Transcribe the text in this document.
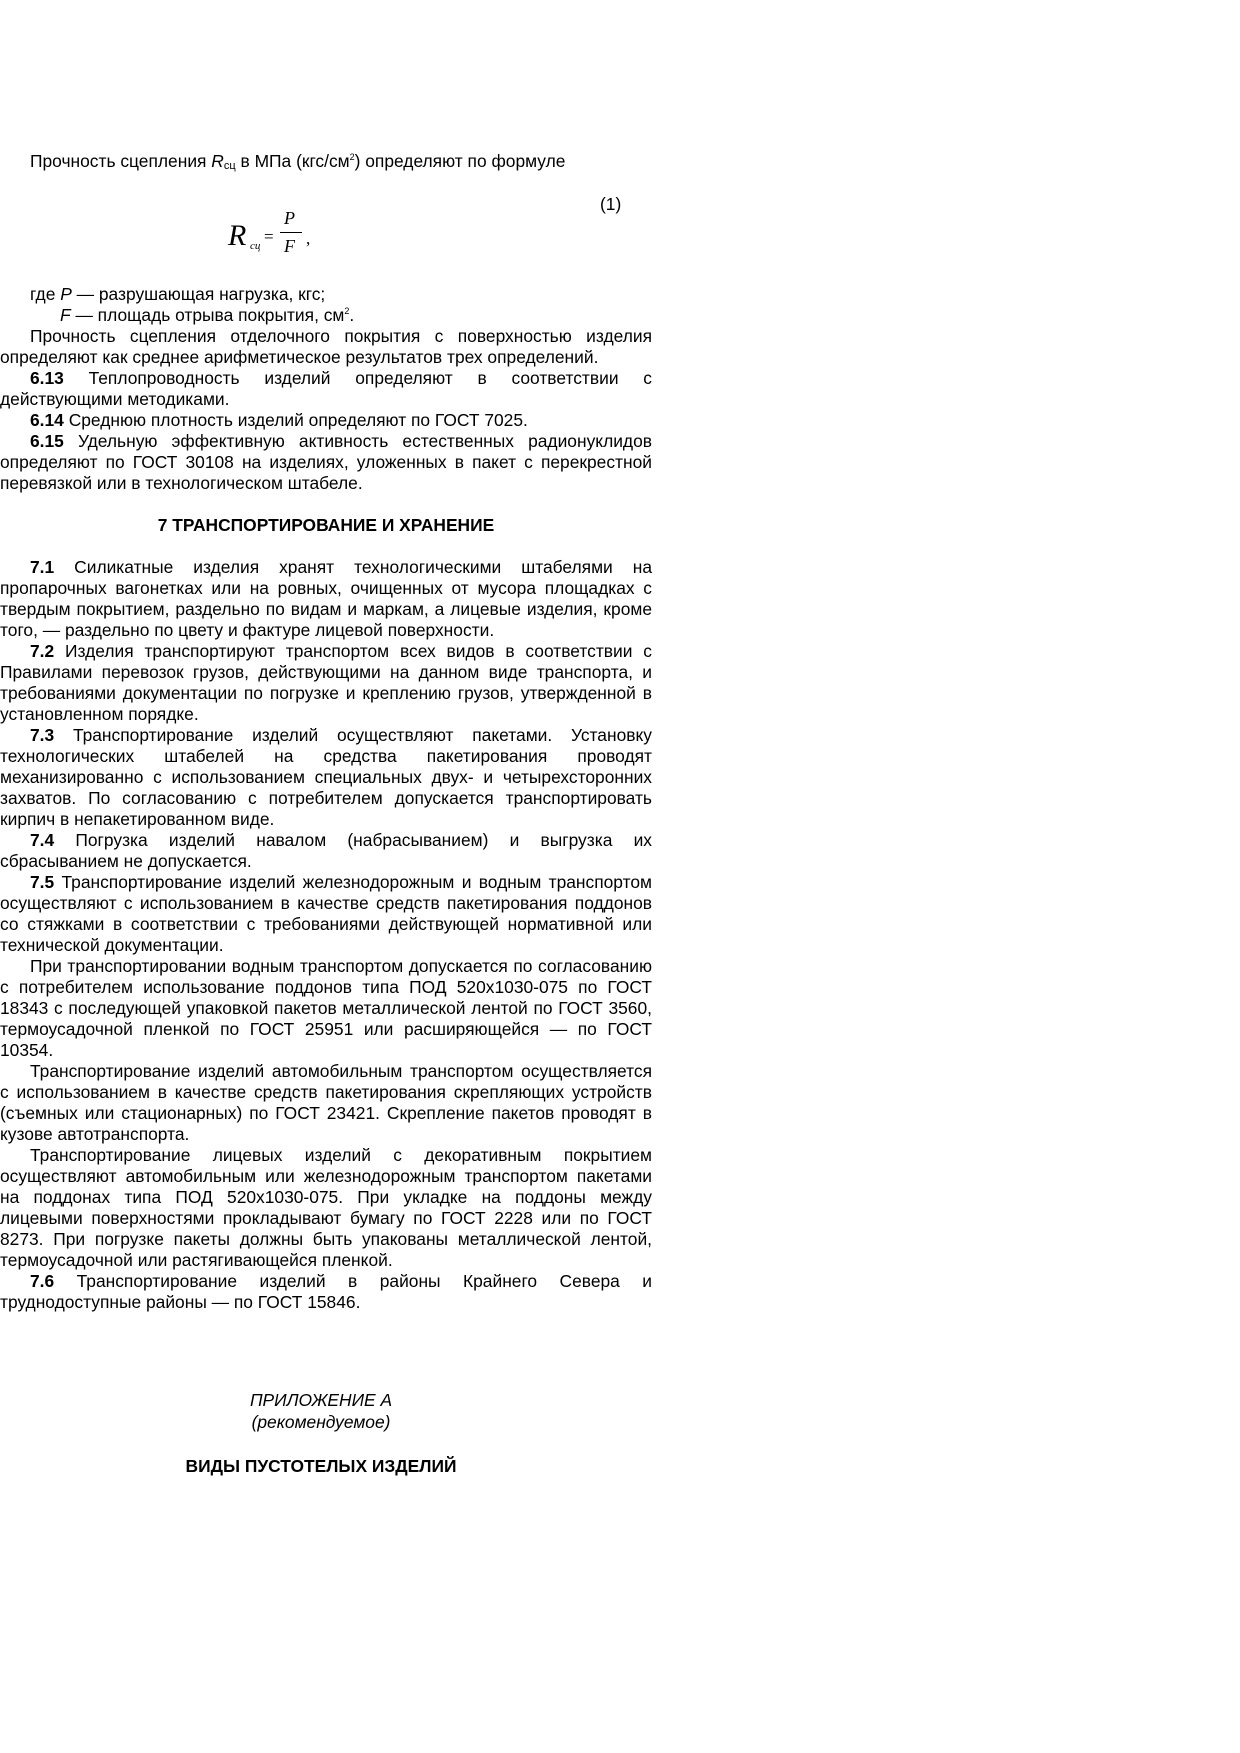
Прочность сцепления Rсц в МПа $(кгс/см^2)$ определяют по формуле
(1)
R сц =
P
F ,
где P — разрушающая нагрузка, кгс;
F — площадь отрыва покрытия, $см^2$.

Прочность сцепления отделочного покрытия с поверхностью изделия определяют как среднее арифметическое результатов трех определений.

6.13 Теплопроводность изделий определяют в соответствии с действующими методиками.

6.14 Среднюю плотность изделий определяют по ГОСТ 7025.

6.15 Удельную эффективную активность естественных радионуклидов определяют по ГОСТ 30108 на изделиях, уложенных в пакет с перекрестной перевязкой или в технологическом штабеле.

7 ТРАНСПОРТИРОВАНИЕ И ХРАНЕНИЕ

7.1 Силикатные изделия хранят технологическими штабелями на пропарочных вагонетках или на ровных, очищенных от мусора площадках с твердым покрытием, раздельно по видам и маркам, а лицевые изделия, кроме того, — раздельно по цвету и фактуре лицевой поверхности.

7.2 Изделия транспортируют транспортом всех видов в соответствии с Правилами перевозок грузов, действующими на данном виде транспорта, и требованиями документации по погрузке и креплению грузов, утвержденной в установленном порядке.

7.3 Транспортирование изделий осуществляют пакетами. Установку технологических штабелей на средства пакетирования проводят механизированно с использованием специальных двух- и четырехсторонних захватов. По согласованию с потребителем допускается транспортировать кирпич в непакетированном виде.

7.4 Погрузка изделий навалом (набрасыванием) и выгрузка их сбрасыванием не допускается.

7.5 Транспортирование изделий железнодорожным и водным транспортом осуществляют с использованием в качестве средств пакетирования поддонов со стяжками в соответствии с требованиями действующей нормативной или технической документации.

При транспортировании водным транспортом допускается по согласованию с потребителем использование поддонов типа ПОД 520x1030-075 по ГОСТ 18343 с последующей упаковкой пакетов металлической лентой по ГОСТ 3560, термоусадочной пленкой по ГОСТ 25951 или расширяющейся — по ГОСТ 10354.

Транспортирование изделий автомобильным транспортом осуществляется с использованием в качестве средств пакетирования скрепляющих устройств (съемных или стационарных) по ГОСТ 23421. Скрепление пакетов проводят в кузове автотранспорта.

Транспортирование лицевых изделий с декоративным покрытием осуществляют автомобильным или железнодорожным транспортом пакетами на поддонах типа ПОД 520x1030-075. При укладке на поддоны между лицевыми поверхностями прокладывают бумагу по ГОСТ 2228 или по ГОСТ 8273. При погрузке пакеты должны быть упакованы металлической лентой, термоусадочной или растягивающейся пленкой.

7.6 Транспортирование изделий в районы Крайнего Севера и труднодоступные районы — по ГОСТ 15846.

ПРИЛОЖЕНИЕ А
(рекомендуемое)
ВИДЫ ПУСТОТЕЛЫХ ИЗДЕЛИЙ
